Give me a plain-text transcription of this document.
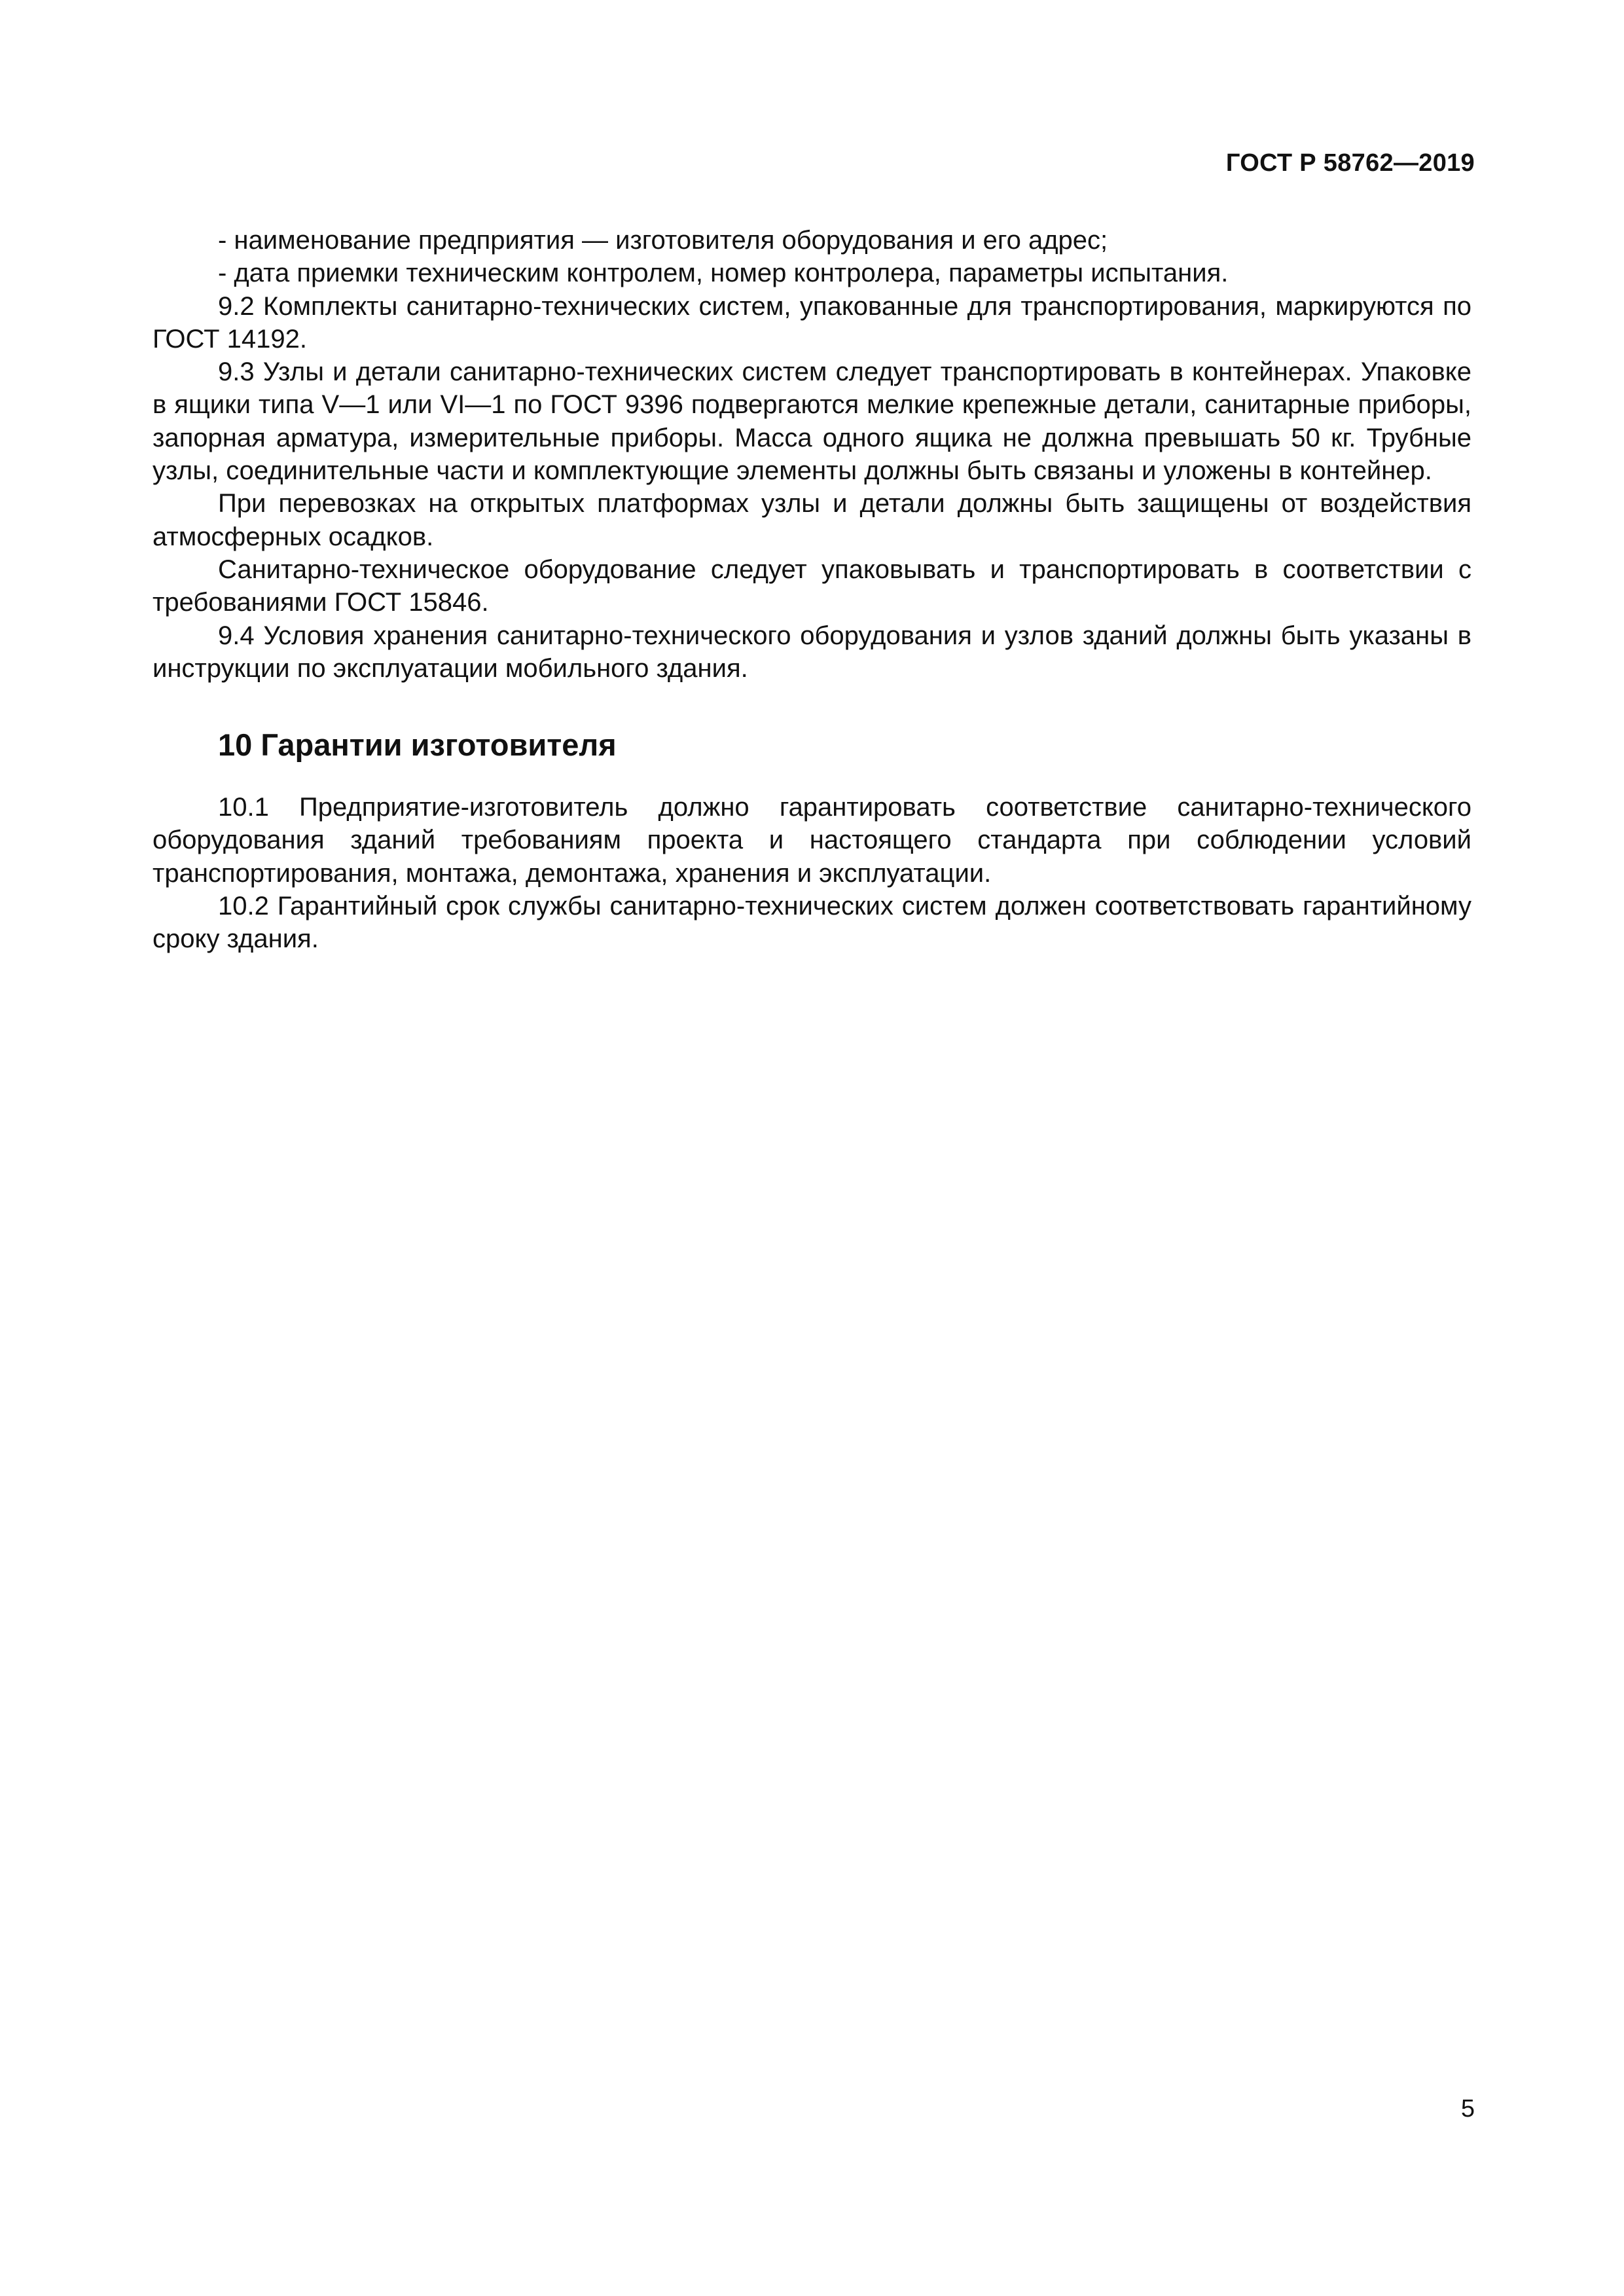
ГОСТ Р 58762—2019

- наименование предприятия — изготовителя оборудования и его адрес;

- дата приемки техническим контролем, номер контролера, параметры испытания.

9.2 Комплекты санитарно-технических систем, упакованные для транспортирования, маркируются по ГОСТ 14192.

9.3 Узлы и детали санитарно-технических систем следует транспортировать в контейнерах. Упаковке в ящики типа V—1 или VI—1 по ГОСТ 9396 подвергаются мелкие крепежные детали, санитарные приборы, запорная арматура, измерительные приборы. Масса одного ящика не должна превышать 50 кг. Трубные узлы, соединительные части и комплектующие элементы должны быть связаны и уложены в контейнер.

При перевозках на открытых платформах узлы и детали должны быть защищены от воздействия атмосферных осадков.

Санитарно-техническое оборудование следует упаковывать и транспортировать в соответствии с требованиями ГОСТ 15846.

9.4 Условия хранения санитарно-технического оборудования и узлов зданий должны быть указаны в инструкции по эксплуатации мобильного здания.

10 Гарантии изготовителя

10.1 Предприятие-изготовитель должно гарантировать соответствие санитарно-технического оборудования зданий требованиям проекта и настоящего стандарта при соблюдении условий транспортирования, монтажа, демонтажа, хранения и эксплуатации.

10.2 Гарантийный срок службы санитарно-технических систем должен соответствовать гарантийному сроку здания.

5
